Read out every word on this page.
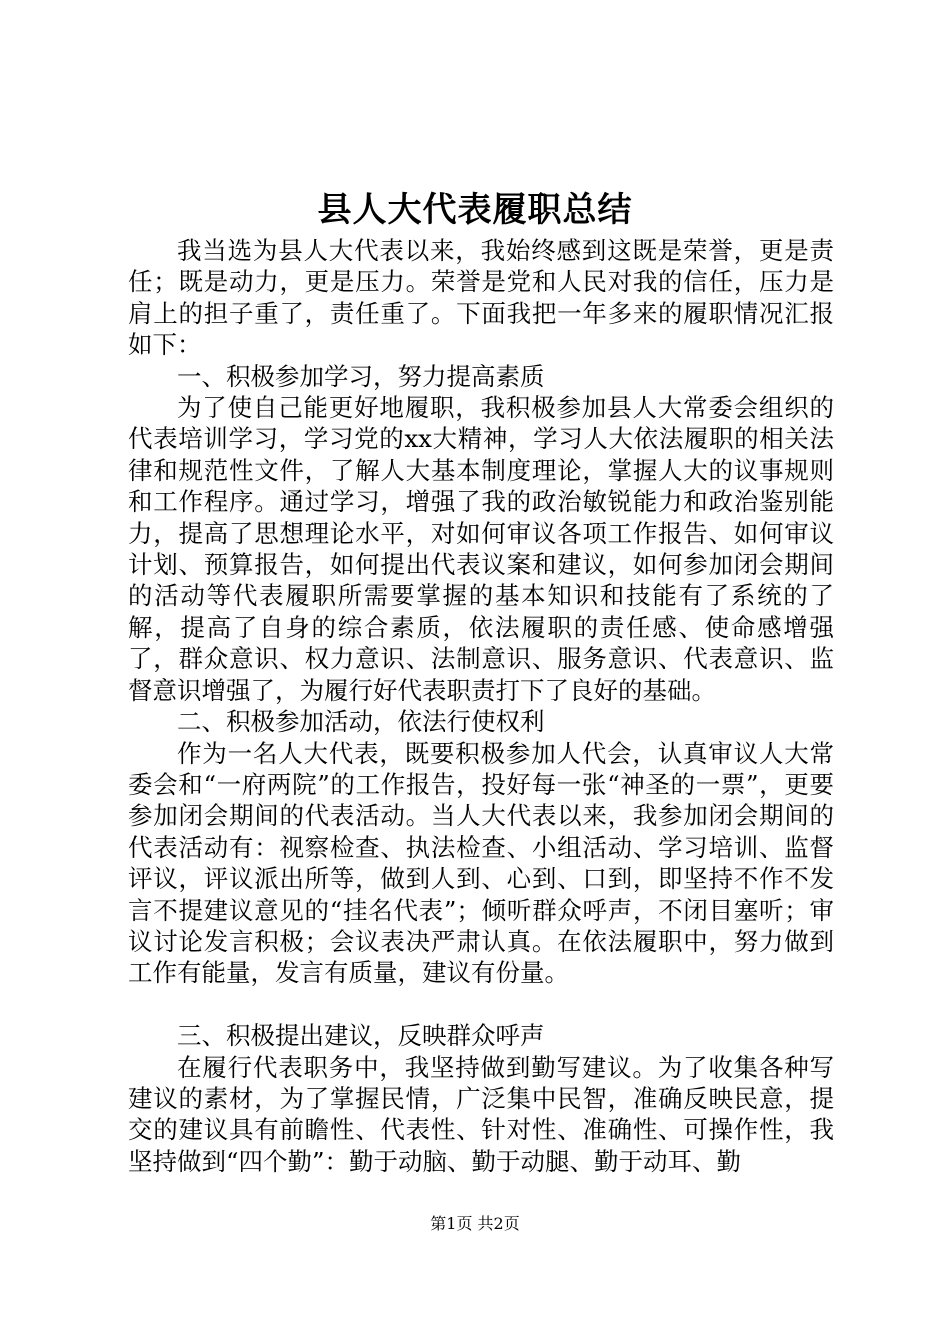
县人大代表履职总结

我当选为县人大代表以来，我始终感到这既是荣誉，更是责任；既是动力，更是压力。荣誉是党和人民对我的信任，压力是肩上的担子重了，责任重了。下面我把一年多来的履职情况汇报如下：

一、积极参加学习，努力提高素质

为了使自己能更好地履职，我积极参加县人大常委会组织的代表培训学习，学习党的xx大精神，学习人大依法履职的相关法律和规范性文件，了解人大基本制度理论，掌握人大的议事规则和工作程序。通过学习，增强了我的政治敏锐能力和政治鉴别能力，提高了思想理论水平，对如何审议各项工作报告、如何审议计划、预算报告，如何提出代表议案和建议，如何参加闭会期间的活动等代表履职所需要掌握的基本知识和技能有了系统的了解，提高了自身的综合素质，依法履职的责任感、使命感增强了，群众意识、权力意识、法制意识、服务意识、代表意识、监督意识增强了，为履行好代表职责打下了良好的基础。

二、积极参加活动，依法行使权利

作为一名人大代表，既要积极参加人代会，认真审议人大常委会和“一府两院”的工作报告，投好每一张“神圣的一票”，更要参加闭会期间的代表活动。当人大代表以来，我参加闭会期间的代表活动有：视察检查、执法检查、小组活动、学习培训、监督评议，评议派出所等，做到人到、心到、口到，即坚持不作不发言不提建议意见的“挂名代表”；倾听群众呼声，不闭目塞听；审议讨论发言积极；会议表决严肃认真。在依法履职中，努力做到工作有能量，发言有质量，建议有份量。

三、积极提出建议，反映群众呼声

在履行代表职务中，我坚持做到勤写建议。为了收集各种写建议的素材，为了掌握民情，广泛集中民智，准确反映民意，提交的建议具有前瞻性、代表性、针对性、准确性、可操作性，我坚持做到“四个勤”：勤于动脑、勤于动腿、勤于动耳、勤

第1页 共2页
